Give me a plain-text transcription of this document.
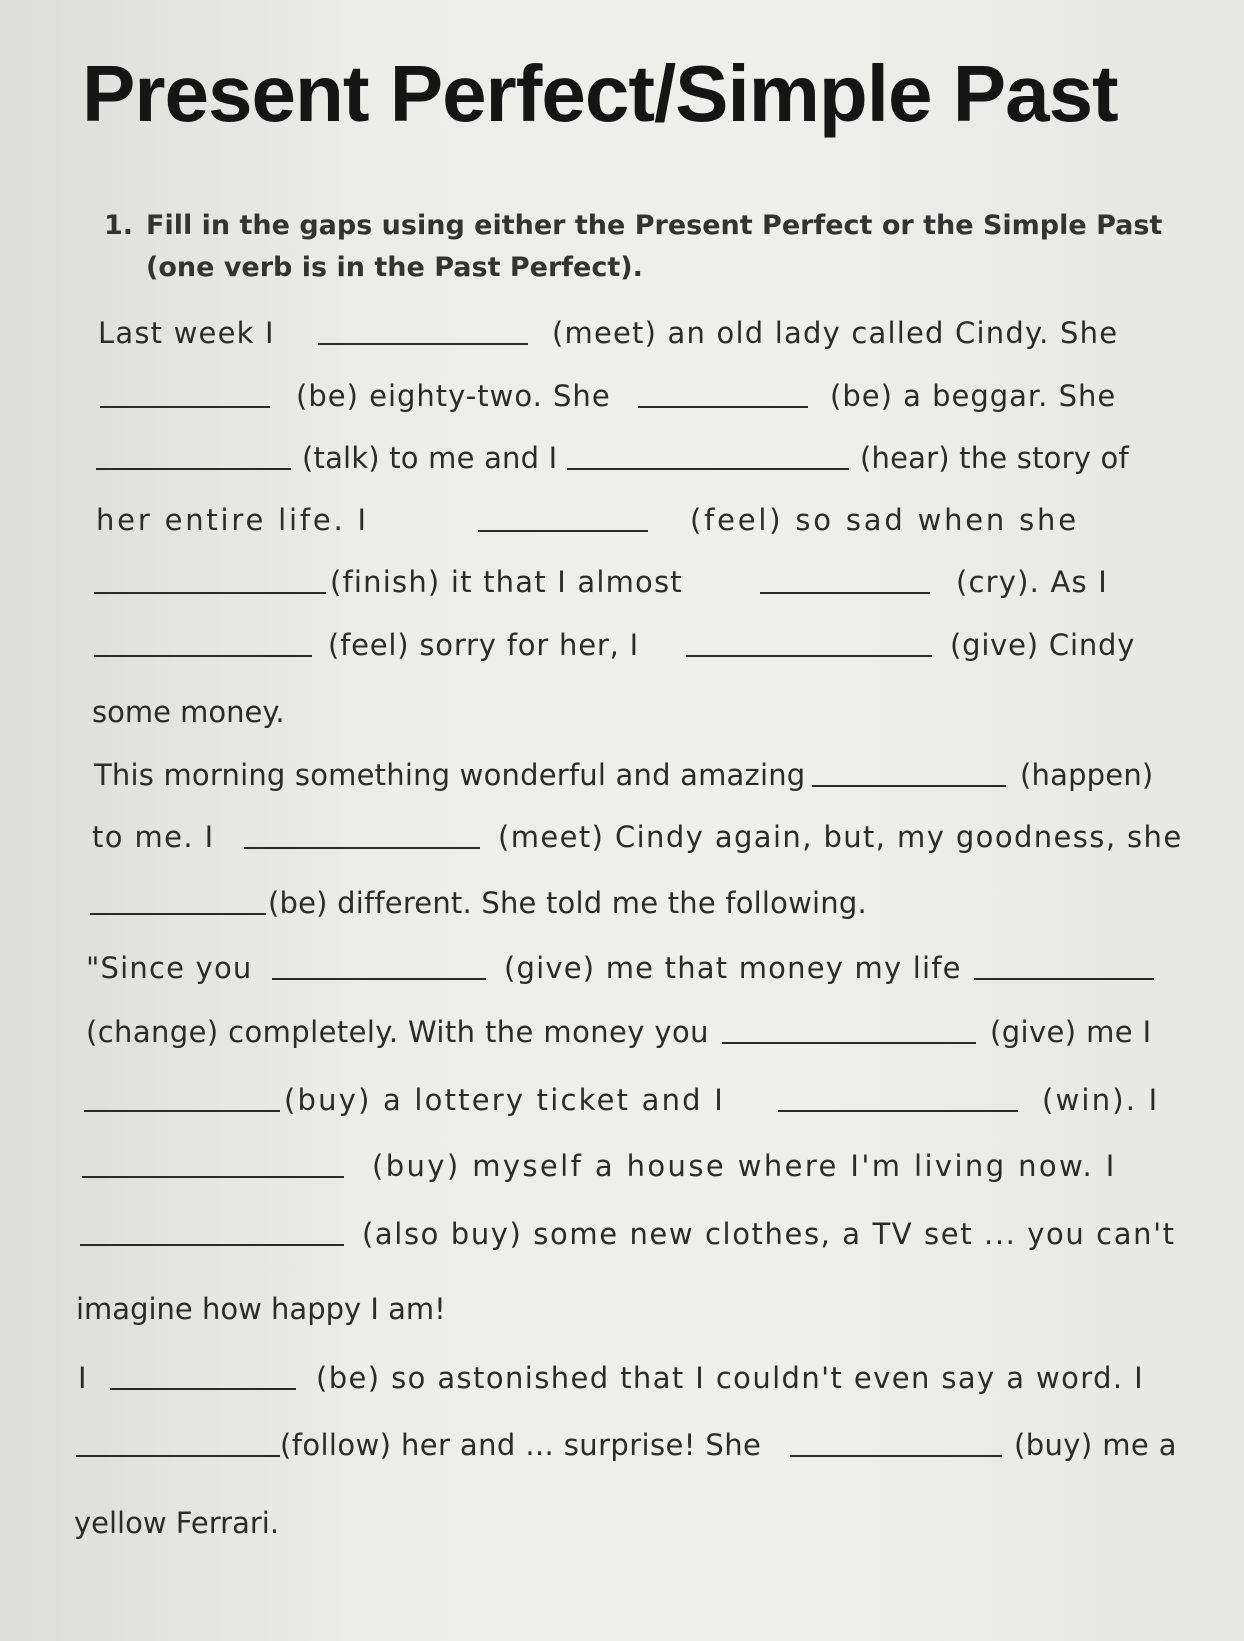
Present Perfect/Simple Past
1. Fill in the gaps using either the Present Perfect or the Simple Past (one verb is in the Past Perfect).
Last week I	(meet) an old lady called Cindy. She
(be) eighty-two. She	(be) a beggar. She
(talk) to me and I	(hear) the story of
her entire life. I	(feel) so sad when she
(finish) it that I almost	(cry). As I
(feel) sorry for her, I	(give) Cindy
some money.
This morning something wonderful and amazing	(happen)
to me. I	(meet) Cindy again, but, my goodness, she
(be) different. She told me the following.
"Since you	(give) me that money my life
(change) completely. With the money you	(give) me I
(buy) a lottery ticket and I	(win). I
(buy) myself a house where I'm living now. I
(also buy) some new clothes, a TV set ... you can't
imagine how happy I am!
I	(be) so astonished that I couldn't even say a word. I
(follow) her and ... surprise! She	(buy) me a
yellow Ferrari.
